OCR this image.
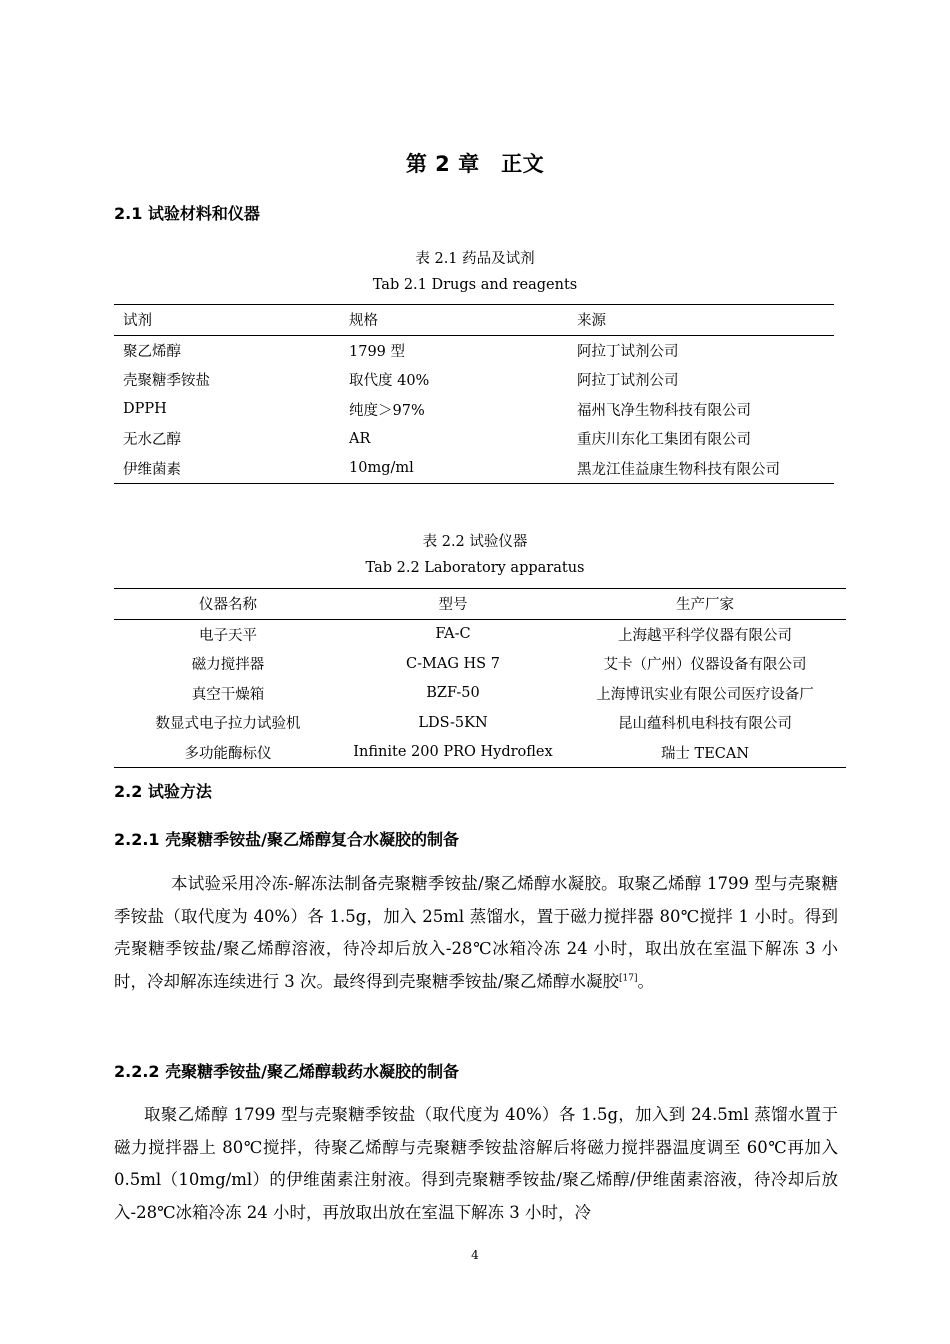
第 2 章　正文
2.1 试验材料和仪器
表 2.1 药品及试剂
Tab 2.1 Drugs and reagents
试剂	规格	来源
聚乙烯醇	1799 型	阿拉丁试剂公司
壳聚糖季铵盐	取代度 40%	阿拉丁试剂公司
DPPH	纯度＞97%	福州飞净生物科技有限公司
无水乙醇	AR	重庆川东化工集团有限公司
伊维菌素	10mg/ml	黑龙江佳益康生物科技有限公司
表 2.2 试验仪器
Tab 2.2 Laboratory apparatus
仪器名称	型号	生产厂家
电子天平	FA-C	上海越平科学仪器有限公司
磁力搅拌器	C-MAG HS 7	艾卡（广州）仪器设备有限公司
真空干燥箱	BZF-50	上海博讯实业有限公司医疗设备厂
数显式电子拉力试验机	LDS-5KN	昆山蕴科机电科技有限公司
多功能酶标仪	Infinite 200 PRO Hydroflex	瑞士 TECAN
2.2 试验方法
2.2.1 壳聚糖季铵盐/聚乙烯醇复合水凝胶的制备

本试验采用冷冻-解冻法制备壳聚糖季铵盐/聚乙烯醇水凝胶。取聚乙烯醇 1799 型与壳聚糖季铵盐（取代度为 40%）各 1.5g，加入 25ml 蒸馏水，置于磁力搅拌器 80℃搅拌 1 小时。得到壳聚糖季铵盐/聚乙烯醇溶液，待冷却后放入-28℃冰箱冷冻 24 小时，取出放在室温下解冻 3 小时，冷却解冻连续进行 3 次。最终得到壳聚糖季铵盐/聚乙烯醇水凝胶[17]。

2.2.2 壳聚糖季铵盐/聚乙烯醇载药水凝胶的制备

取聚乙烯醇 1799 型与壳聚糖季铵盐（取代度为 40%）各 1.5g，加入到 24.5ml 蒸馏水置于磁力搅拌器上 80℃搅拌，待聚乙烯醇与壳聚糖季铵盐溶解后将磁力搅拌器温度调至 60℃再加入 0.5ml（10mg/ml）的伊维菌素注射液。得到壳聚糖季铵盐/聚乙烯醇/伊维菌素溶液，待冷却后放入-28℃冰箱冷冻 24 小时，再放取出放在室温下解冻 3 小时，冷

4
